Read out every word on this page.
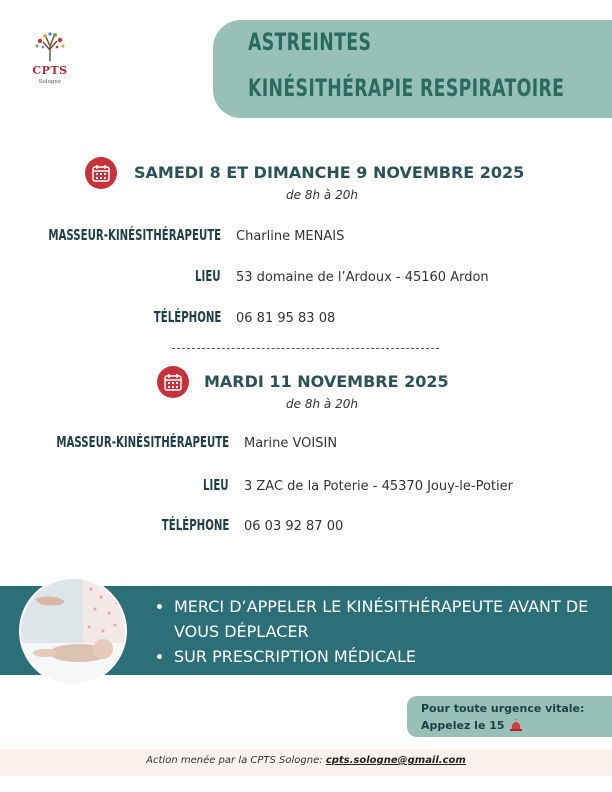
CPTS
Sologne
ASTREINTES
KINÉSITHÉRAPIE RESPIRATOIRE
SAMEDI 8 ET DIMANCHE 9 NOVEMBRE 2025
de 8h à 20h
MASSEUR-KINÉSITHÉRAPEUTE Charline MENAIS
LIEU 53 domaine de l’Ardoux - 45160 Ardon
TÉLÉPHONE 06 81 95 83 08
MARDI 11 NOVEMBRE 2025
de 8h à 20h
MASSEUR-KINÉSITHÉRAPEUTE Marine VOISIN
LIEU 3 ZAC de la Poterie - 45370 Jouy-le-Potier
TÉLÉPHONE 06 03 92 87 00
• MERCI D’APPELER LE KINÉSITHÉRAPEUTE AVANT DE VOUS DÉPLACER
• SUR PRESCRIPTION MÉDICALE
Pour toute urgence vitale:
Appelez le 15
Action menée par la CPTS Sologne: cpts.sologne@gmail.com
